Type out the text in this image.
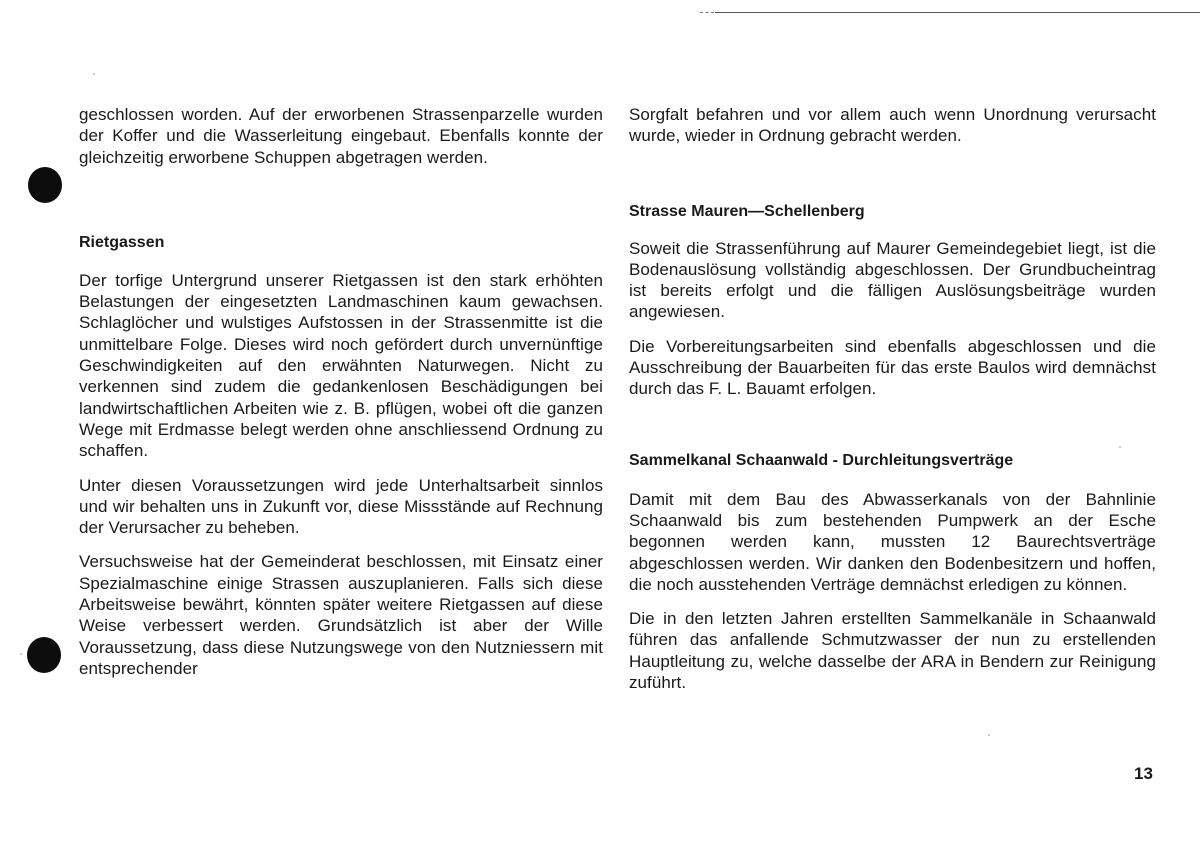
geschlossen worden. Auf der erworbenen Strassenparzelle wurden der Koffer und die Wasserleitung eingebaut. Ebenfalls konnte der gleichzeitig erworbene Schuppen abgetragen werden.

Rietgassen

Der torfige Untergrund unserer Rietgassen ist den stark erhöhten Belastungen der eingesetzten Landmaschinen kaum gewachsen. Schlaglöcher und wulstiges Aufstossen in der Strassenmitte ist die unmittelbare Folge. Dieses wird noch gefördert durch unvernünftige Geschwindigkeiten auf den erwähnten Naturwegen. Nicht zu verkennen sind zudem die gedankenlosen Beschädigungen bei landwirtschaftlichen Arbeiten wie z. B. pflügen, wobei oft die ganzen Wege mit Erdmasse belegt werden ohne anschliessend Ordnung zu schaffen.

Unter diesen Voraussetzungen wird jede Unterhaltsarbeit sinnlos und wir behalten uns in Zukunft vor, diese Missstände auf Rechnung der Verursacher zu beheben.

Versuchsweise hat der Gemeinderat beschlossen, mit Einsatz einer Spezialmaschine einige Strassen auszuplanieren. Falls sich diese Arbeitsweise bewährt, könnten später weitere Rietgassen auf diese Weise verbessert werden. Grundsätzlich ist aber der Wille Voraussetzung, dass diese Nutzungswege von den Nutzniessern mit entsprechender

Sorgfalt befahren und vor allem auch wenn Unordnung verursacht wurde, wieder in Ordnung gebracht werden.

Strasse Mauren—Schellenberg

Soweit die Strassenführung auf Maurer Gemeindegebiet liegt, ist die Bodenauslösung vollständig abgeschlossen. Der Grundbucheintrag ist bereits erfolgt und die fälligen Auslösungsbeiträge wurden angewiesen.

Die Vorbereitungsarbeiten sind ebenfalls abgeschlossen und die Ausschreibung der Bauarbeiten für das erste Baulos wird demnächst durch das F. L. Bauamt erfolgen.

Sammelkanal Schaanwald - Durchleitungsverträge

Damit mit dem Bau des Abwasserkanals von der Bahnlinie Schaanwald bis zum bestehenden Pumpwerk an der Esche begonnen werden kann, mussten 12 Baurechtsverträge abgeschlossen werden. Wir danken den Bodenbesitzern und hoffen, die noch ausstehenden Verträge demnächst erledigen zu können.

Die in den letzten Jahren erstellten Sammelkanäle in Schaanwald führen das anfallende Schmutzwasser der nun zu erstellenden Hauptleitung zu, welche dasselbe der ARA in Bendern zur Reinigung zuführt.

13
